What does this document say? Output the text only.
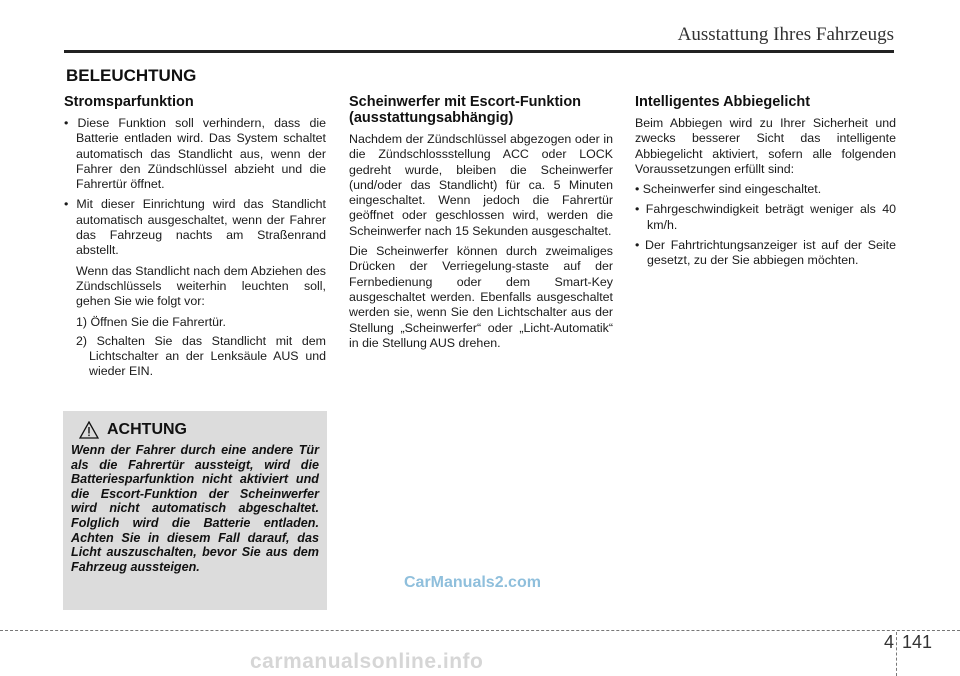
Ausstattung Ihres Fahrzeugs
BELEUCHTUNG
Stromsparfunktion
• Diese Funktion soll verhindern, dass die Batterie entladen wird. Das System schaltet automatisch das Standlicht aus, wenn der Fahrer den Zündschlüssel abzieht und die Fahrertür öffnet.
• Mit dieser Einrichtung wird das Standlicht automatisch ausgeschaltet, wenn der Fahrer das Fahrzeug nachts am Straßenrand abstellt.
Wenn das Standlicht nach dem Abziehen des Zündschlüssels weiterhin leuchten soll, gehen Sie wie folgt vor:
1) Öffnen Sie die Fahrertür.
2) Schalten Sie das Standlicht mit dem Lichtschalter an der Lenksäule AUS und wieder EIN.
ACHTUNG
Wenn der Fahrer durch eine andere Tür als die Fahrertür aussteigt, wird die Batteriesparfunktion nicht aktiviert und die Escort-Funktion der Scheinwerfer wird nicht automatisch abgeschaltet. Folglich wird die Batterie entladen. Achten Sie in diesem Fall darauf, das Licht auszuschalten, bevor Sie aus dem Fahrzeug aussteigen.
Scheinwerfer mit Escort-Funktion
(ausstattungsabhängig)
Nachdem der Zündschlüssel abgezogen oder in die Zündschlossstellung ACC oder LOCK gedreht wurde, bleiben die Scheinwerfer (und/oder das Standlicht) für ca. 5 Minuten eingeschaltet. Wenn jedoch die Fahrertür geöffnet oder geschlossen wird, werden die Scheinwerfer nach 15 Sekunden ausgeschaltet.
Die Scheinwerfer können durch zweimaliges Drücken der Verriegelung-staste auf der Fernbedienung oder dem Smart-Key ausgeschaltet werden. Ebenfalls ausgeschaltet werden sie, wenn Sie den Lichtschalter aus der Stellung „Scheinwerfer“ oder „Licht-Automatik“ in die Stellung AUS drehen.
Intelligentes Abbiegelicht
Beim Abbiegen wird zu Ihrer Sicherheit und zwecks besserer Sicht das intelligente Abbiegelicht aktiviert, sofern alle folgenden Voraussetzungen erfüllt sind:
• Scheinwerfer sind eingeschaltet.
• Fahrgeschwindigkeit beträgt weniger als 40 km/h.
• Der Fahrtrichtungsanzeiger ist auf der Seite gesetzt, zu der Sie abbiegen möchten.
CarManuals2.com
4 141
carmanualsonline.info
